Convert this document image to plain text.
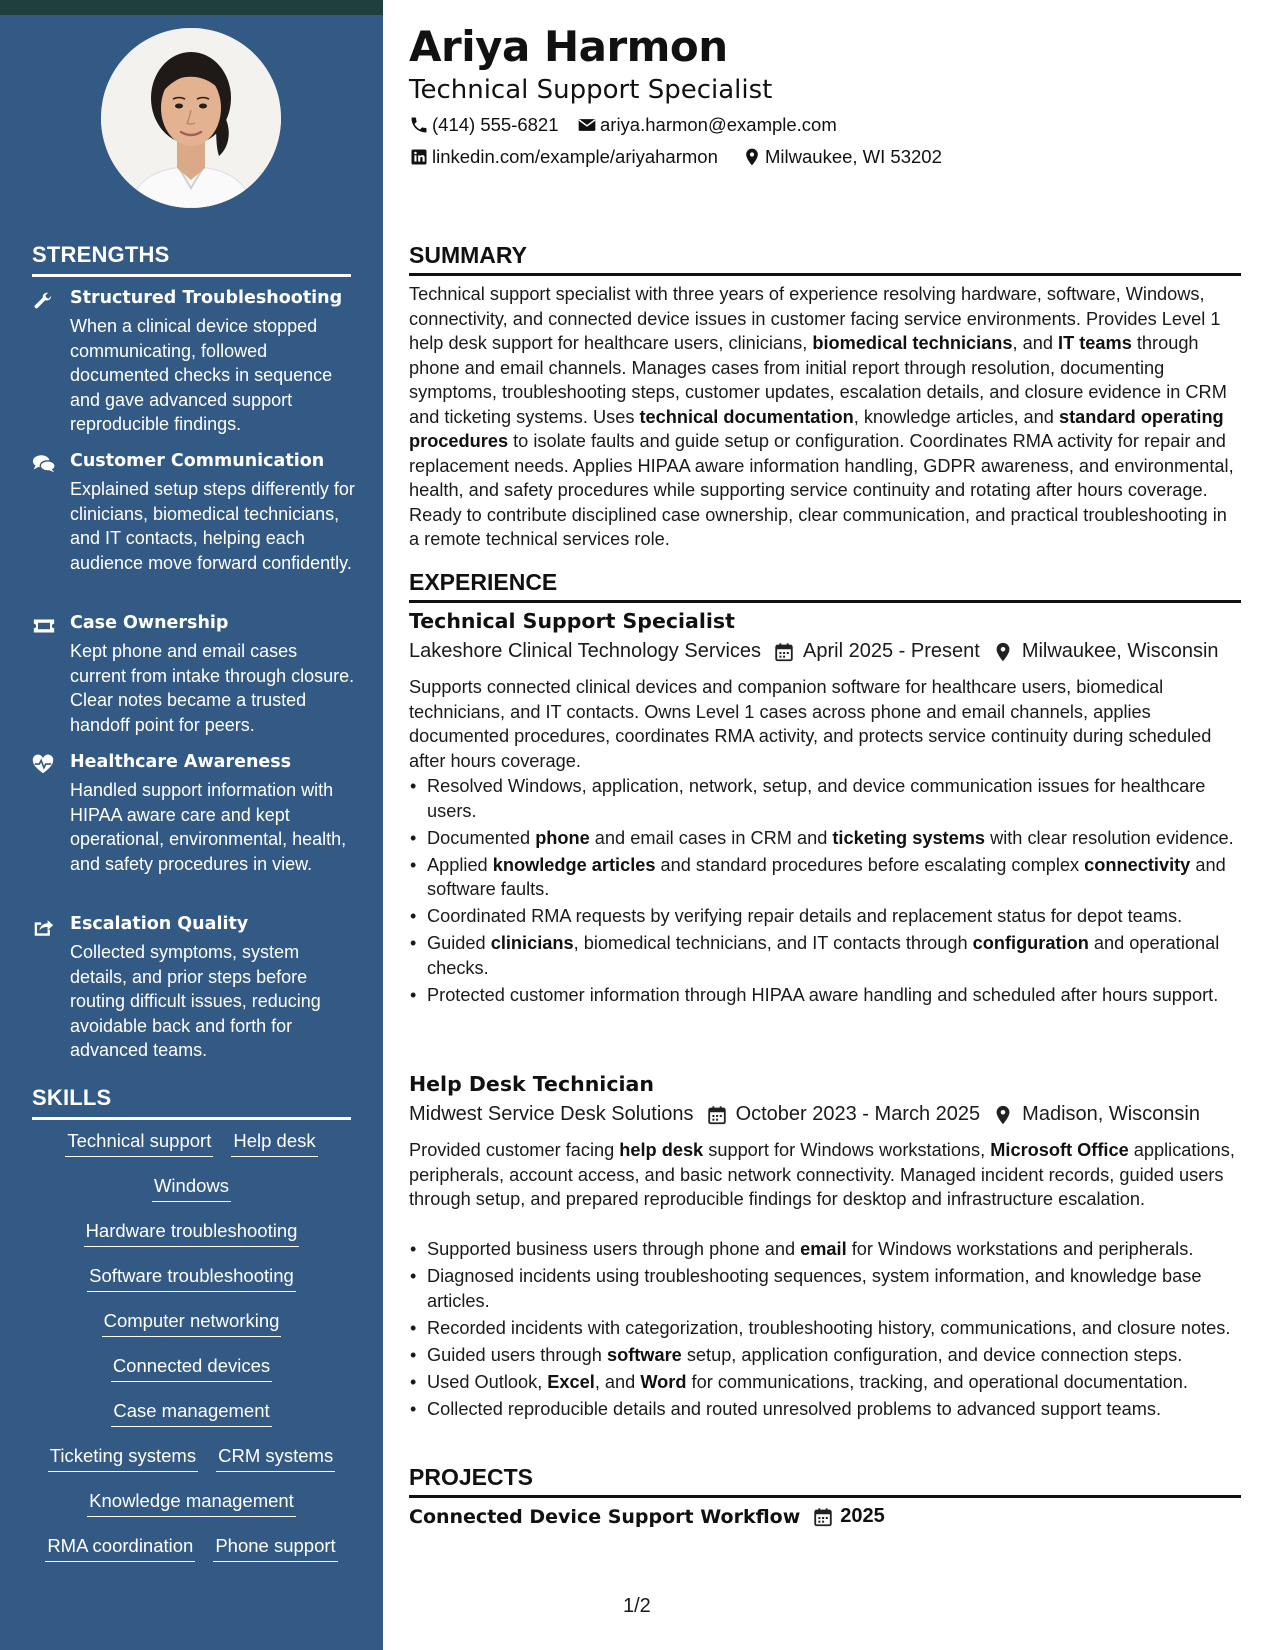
STRENGTHS
Structured Troubleshooting
When a clinical device stopped communicating, followed documented checks in sequence and gave advanced support reproducible findings.
Customer Communication
Explained setup steps differently for clinicians, biomedical technicians, and IT contacts, helping each audience move forward confidently.
Case Ownership
Kept phone and email cases current from intake through closure. Clear notes became a trusted handoff point for peers.
Healthcare Awareness
Handled support information with HIPAA aware care and kept operational, environmental, health, and safety procedures in view.
Escalation Quality
Collected symptoms, system details, and prior steps before routing difficult issues, reducing avoidable back and forth for advanced teams.
SKILLS
Technical support Help desk
Windows
Hardware troubleshooting
Software troubleshooting
Computer networking
Connected devices
Case management
Ticketing systems CRM systems
Knowledge management
RMA coordination Phone support
Ariya Harmon
Technical Support Specialist
(414) 555-6821 ariya.harmon@example.com
linkedin.com/example/ariyaharmon	Milwaukee, WI 53202
SUMMARY
Technical support specialist with three years of experience resolving hardware, software, Windows, connectivity, and connected device issues in customer facing service environments. Provides Level 1 help desk support for healthcare users, clinicians, biomedical technicians, and IT teams through phone and email channels. Manages cases from initial report through resolution, documenting symptoms, troubleshooting steps, customer updates, escalation details, and closure evidence in CRM and ticketing systems. Uses technical documentation, knowledge articles, and standard operating procedures to isolate faults and guide setup or configuration. Coordinates RMA activity for repair and replacement needs. Applies HIPAA aware information handling, GDPR awareness, and environmental, health, and safety procedures while supporting service continuity and rotating after hours coverage. Ready to contribute disciplined case ownership, clear communication, and practical troubleshooting in a remote technical services role.
EXPERIENCE
Technical Support Specialist
Lakeshore Clinical Technology Services April 2025 - Present Milwaukee, Wisconsin
Supports connected clinical devices and companion software for healthcare users, biomedical technicians, and IT contacts. Owns Level 1 cases across phone and email channels, applies documented procedures, coordinates RMA activity, and protects service continuity during scheduled after hours coverage.
• Resolved Windows, application, network, setup, and device communication issues for healthcare users.
• Documented phone and email cases in CRM and ticketing systems with clear resolution evidence.
• Applied knowledge articles and standard procedures before escalating complex connectivity and software faults.
• Coordinated RMA requests by verifying repair details and replacement status for depot teams.
• Guided clinicians, biomedical technicians, and IT contacts through configuration and operational checks.
• Protected customer information through HIPAA aware handling and scheduled after hours support.
Help Desk Technician
Midwest Service Desk Solutions October 2023 - March 2025 Madison, Wisconsin
Provided customer facing help desk support for Windows workstations, Microsoft Office applications, peripherals, account access, and basic network connectivity. Managed incident records, guided users through setup, and prepared reproducible findings for desktop and infrastructure escalation.
• Supported business users through phone and email for Windows workstations and peripherals.
• Diagnosed incidents using troubleshooting sequences, system information, and knowledge base articles.
• Recorded incidents with categorization, troubleshooting history, communications, and closure notes.
• Guided users through software setup, application configuration, and device connection steps.
• Used Outlook, Excel, and Word for communications, tracking, and operational documentation.
• Collected reproducible details and routed unresolved problems to advanced support teams.
PROJECTS
Connected Device Support Workflow 2025
1/2
